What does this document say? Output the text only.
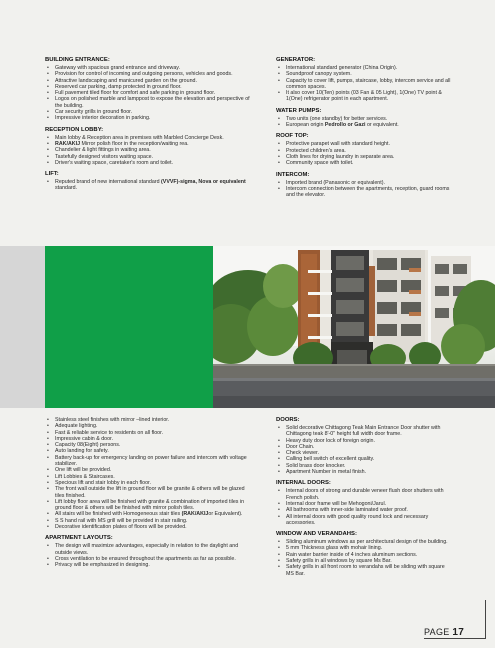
BUILDING ENTRANCE:
• Gateway with spacious grand entrance and driveway.
• Provision for control of incoming and outgoing persons, vehicles and goods.
• Attractive landscaping and manicured garden on the ground.
• Reserved car parking, damp protected in ground floor.
• Full pavement tiled floor for comfort and safe parking in ground floor.
• Logos on polished marble and lamppost to expose the elevation and perspective of the building.
• Car security grills in ground floor.
• Impressive interior decoration in parking.
RECEPTION LOBBY:
• Main lobby & Reception area in premises with Marbled Concierge Desk.
• RAK/AKIJ Mirror polish floor in the reception/waiting rea.
• Chandelier & light fittings in waiting area.
• Tastefully designed visitors waiting space.
• Driver's waiting space, caretaker's room and toilet.
LIFT:
• Reputed brand of new international standard (VVVF)-sigma, Nova or equivalent standard.
GENERATOR:
• International standard generator (China Origin).
• Soundproof canopy system.
• Capacity to cover lift, pumps, staircase, lobby, intercom service and all common spaces.
• It also cover 10(Ten) points (03 Fan & 05 Light), 1(One) TV point & 1(One) refrigerator point in each apartment.
WATER PUMPS:
• Two units (one standby) for better services.
• European origin Pedrollo or Gazi or equivalent.
ROOF TOP:
• Protective parapet wall with standard height.
• Protected children's area.
• Cloth lines for drying laundry in separate area.
• Community space with toilet.
INTERCOM:
• Imported brand (Panasonic or equivalent).
• Intercom connection between the apartments, reception, guard rooms and the elevator.
• Stainless steel finishes with mirror –lined interior.
• Adequate lighting.
• Fast & reliable service to residents on all floor.
• Impressive cabin & door.
• Capacity 08(Eight) persons.
• Auto landing for safety.
• Battery back-up for emergency landing on power failure and intercom with voltage stabilizer.
• One lift will be provided.
• Lift Lobbies & Staircases.
• Specious lift and stair lobby in each floor.
• The front wall outside the lift in ground floor will be granite & others will be glazed tiles finished.
• Lift lobby floor area will be finished with granite & combination of imported tiles in ground floor & others will be finished with mirror polish tiles.
• All stairs will be finished with Homogeneous stair tiles (RAK/AKIJor Equivalent).
• S S hand rail with MS grill will be provided in stair railing.
• Decorative identification plates of floors will be provided.
APARTMENT LAYOUTS:
• The design will maximize advantages, especially in relation to the daylight and outside views.
• Cross ventilation to be ensured throughout the apartments as far as possible.
• Privacy will be emphasized in designing.
DOORS:
• Solid decorative Chittagong Teak Main Entrance Door shutter with Chittagong teak 8'-0" height full width door frame.
• Heavy duty door lock of foreign origin.
• Door Chain.
• Check viewer.
• Calling bell switch of excellent quality.
• Solid brass door knocker.
• Apartment Number in metal finish.
INTERNAL DOORS:
• Internal doors of strong and durable veneer flush door shutters with French polish.
• Internal door frame will be Mehogoni/Jarul.
• All bathrooms with inner-side laminated water proof.
• All internal doors with good quality round lock and necessary accessories.
WINDOW AND VERANDAHS:
• Sliding aluminum windows as per architectural design of the building.
• 5 mm Thickness glass with mohair lining.
• Rain water barrier inside of 4 inches aluminum sections.
• Safety grills in all windows by square Ms Bar.
• Safety grills in all front room to verandahs will be sliding with square MS Bar.
PAGE 17
